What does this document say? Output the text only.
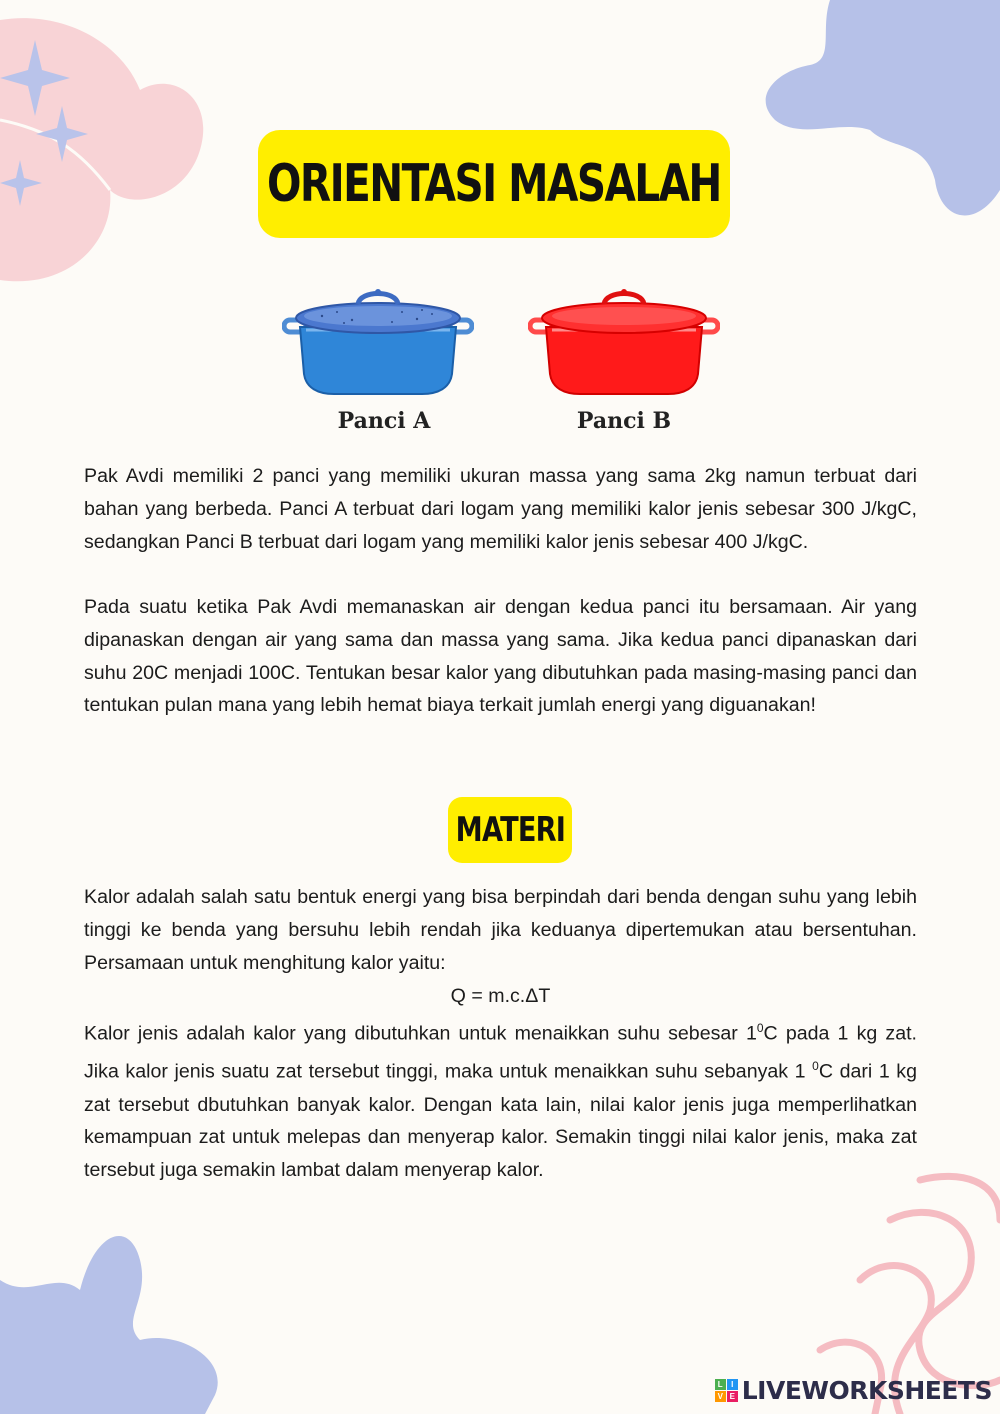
ORIENTASI MASALAH
Panci A	Panci B

Pak Avdi memiliki 2 panci yang memiliki ukuran massa yang sama 2kg namun terbuat dari bahan yang berbeda. Panci A terbuat dari logam yang memiliki kalor jenis sebesar 300 J/kgC, sedangkan Panci B terbuat dari logam yang memiliki kalor jenis sebesar 400 J/kgC.

Pada suatu ketika Pak Avdi memanaskan air dengan kedua panci itu bersamaan. Air yang dipanaskan dengan air yang sama dan massa yang sama. Jika kedua panci dipanaskan dari suhu 20C menjadi 100C. Tentukan besar kalor yang dibutuhkan pada masing-masing panci dan tentukan pulan mana yang lebih hemat biaya terkait jumlah energi yang diguanakan!

MATERI

Kalor adalah salah satu bentuk energi yang bisa berpindah dari benda dengan suhu yang lebih tinggi ke benda yang bersuhu lebih rendah jika keduanya dipertemukan atau bersentuhan. Persamaan untuk menghitung kalor yaitu:

Q = m.c.ΔT

Kalor jenis adalah kalor yang dibutuhkan untuk menaikkan suhu sebesar $1^0C$ pada 1 kg zat. Jika kalor jenis suatu zat tersebut tinggi, maka untuk menaikkan suhu sebanyak 1 $^0$C dari 1 kg zat tersebut dbutuhkan banyak kalor. Dengan kata lain, nilai kalor jenis juga memperlihatkan kemampuan zat untuk melepas dan menyerap kalor. Semakin tinggi nilai kalor jenis, maka zat tersebut juga semakin lambat dalam menyerap kalor.

L	I
V E LIVEWORKSHEETS
